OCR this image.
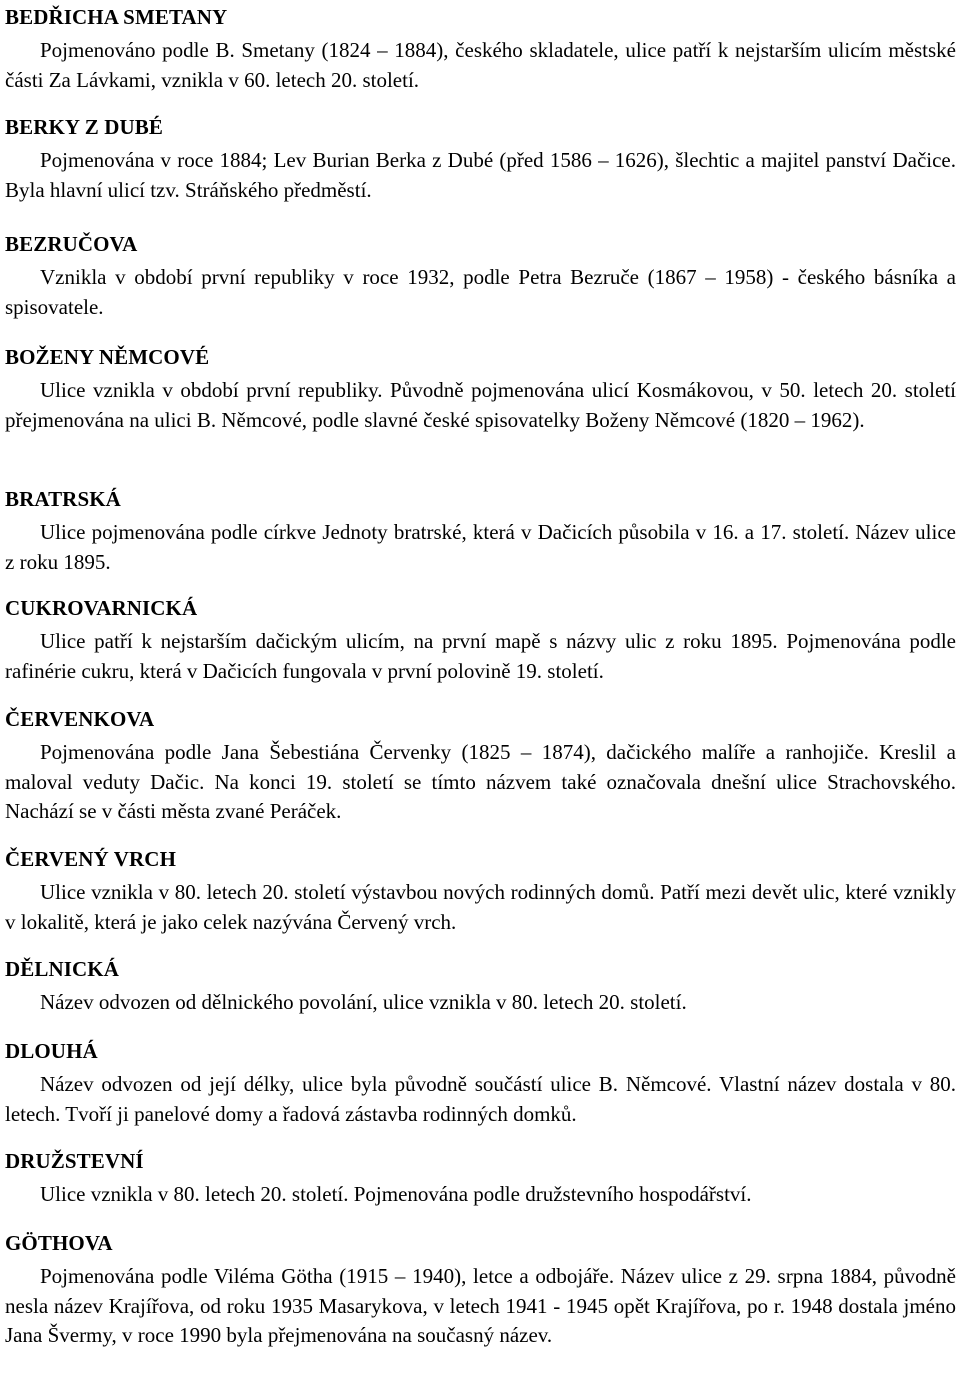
BEDŘICHA SMETANY

Pojmenováno podle B. Smetany (1824 – 1884), českého skladatele, ulice patří k nejstarším ulicím městské části Za Lávkami, vznikla v 60. letech 20. století.

BERKY Z DUBÉ

Pojmenována v roce 1884; Lev Burian Berka z Dubé (před 1586 – 1626), šlechtic a majitel panství Dačice. Byla hlavní ulicí tzv. Stráňského předměstí.

BEZRUČOVA

Vznikla v období první republiky v roce 1932, podle Petra Bezruče (1867 – 1958) - českého básníka a spisovatele.

BOŽENY NĚMCOVÉ

Ulice vznikla v období první republiky. Původně pojmenována ulicí Kosmákovou, v 50. letech 20. století přejmenována na ulici B. Němcové, podle slavné české spisovatelky Boženy Němcové (1820 – 1962).

BRATRSKÁ

Ulice pojmenována podle církve Jednoty bratrské, která v Dačicích působila v 16. a 17. století. Název ulice z roku 1895.

CUKROVARNICKÁ

Ulice patří k nejstarším dačickým ulicím, na první mapě s názvy ulic z roku 1895. Pojmenována podle rafinérie cukru, která v Dačicích fungovala v první polovině 19. století.

ČERVENKOVA

Pojmenována podle Jana Šebestiána Červenky (1825 – 1874), dačického malíře a ranhojiče. Kreslil a maloval veduty Dačic. Na konci 19. století se tímto názvem také označovala dnešní ulice Strachovského. Nachází se v části města zvané Peráček.

ČERVENÝ VRCH

Ulice vznikla v 80. letech 20. století výstavbou nových rodinných domů. Patří mezi devět ulic, které vznikly v lokalitě, která je jako celek nazývána Červený vrch.

DĚLNICKÁ

Název odvozen od dělnického povolání, ulice vznikla v 80. letech 20. století.

DLOUHÁ

Název odvozen od její délky, ulice byla původně součástí ulice B. Němcové. Vlastní název dostala v 80. letech. Tvoří ji panelové domy a řadová zástavba rodinných domků.

DRUŽSTEVNÍ

Ulice vznikla v 80. letech 20. století. Pojmenována podle družstevního hospodářství.

GÖTHOVA

Pojmenována podle Viléma Götha (1915 – 1940), letce a odbojáře. Název ulice z 29. srpna 1884, původně nesla název Krajířova, od roku 1935 Masarykova, v letech 1941 - 1945 opět Krajířova, po r. 1948 dostala jméno Jana Švermy, v roce 1990 byla přejmenována na současný název.
